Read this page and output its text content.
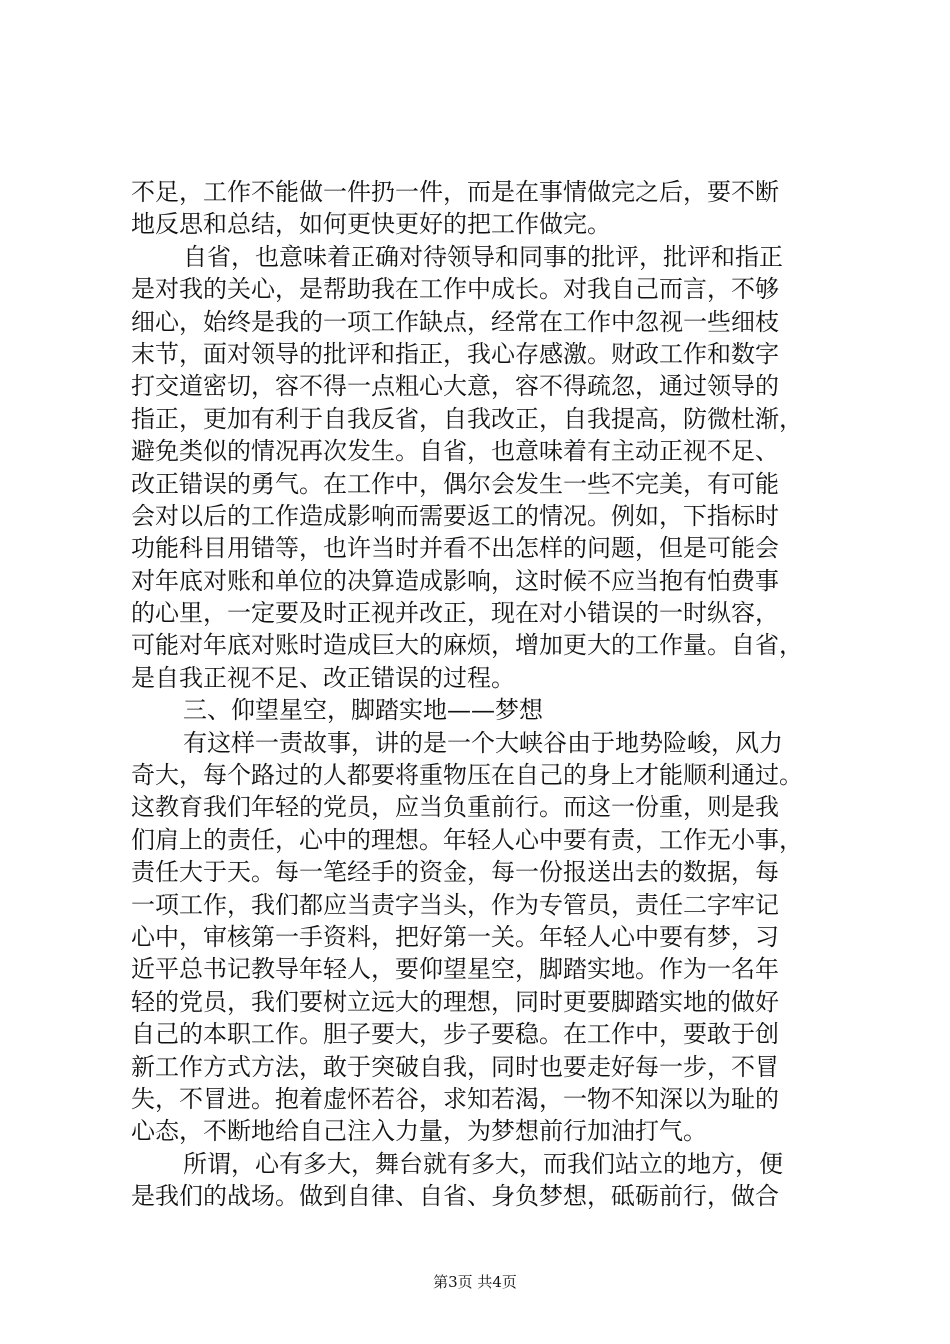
不足，工作不能做一件扔一件，而是在事情做完之后，要不断
地反思和总结，如何更快更好的把工作做完。
自省，也意味着正确对待领导和同事的批评，批评和指正
是对我的关心，是帮助我在工作中成长。对我自己而言，不够
细心，始终是我的一项工作缺点，经常在工作中忽视一些细枝
末节，面对领导的批评和指正，我心存感激。财政工作和数字
打交道密切，容不得一点粗心大意，容不得疏忽，通过领导的
指正，更加有利于自我反省，自我改正，自我提高，防微杜渐，
避免类似的情况再次发生。自省，也意味着有主动正视不足、
改正错误的勇气。在工作中，偶尔会发生一些不完美，有可能
会对以后的工作造成影响而需要返工的情况。例如，下指标时
功能科目用错等，也许当时并看不出怎样的问题，但是可能会
对年底对账和单位的决算造成影响，这时候不应当抱有怕费事
的心里，一定要及时正视并改正，现在对小错误的一时纵容，
可能对年底对账时造成巨大的麻烦，增加更大的工作量。自省，
是自我正视不足、改正错误的过程。
三、仰望星空，脚踏实地——梦想
有这样一责故事，讲的是一个大峡谷由于地势险峻，风力
奇大，每个路过的人都要将重物压在自己的身上才能顺利通过。
这教育我们年轻的党员，应当负重前行。而这一份重，则是我
们肩上的责任，心中的理想。年轻人心中要有责，工作无小事，
责任大于天。每一笔经手的资金，每一份报送出去的数据，每
一项工作，我们都应当责字当头，作为专管员，责任二字牢记
心中，审核第一手资料，把好第一关。年轻人心中要有梦，习
近平总书记教导年轻人，要仰望星空，脚踏实地。作为一名年
轻的党员，我们要树立远大的理想，同时更要脚踏实地的做好
自己的本职工作。胆子要大，步子要稳。在工作中，要敢于创
新工作方式方法，敢于突破自我，同时也要走好每一步，不冒
失，不冒进。抱着虚怀若谷，求知若渴，一物不知深以为耻的
心态，不断地给自己注入力量，为梦想前行加油打气。
所谓，心有多大，舞台就有多大，而我们站立的地方，便
是我们的战场。做到自律、自省、身负梦想，砥砺前行，做合
第3页 共4页
